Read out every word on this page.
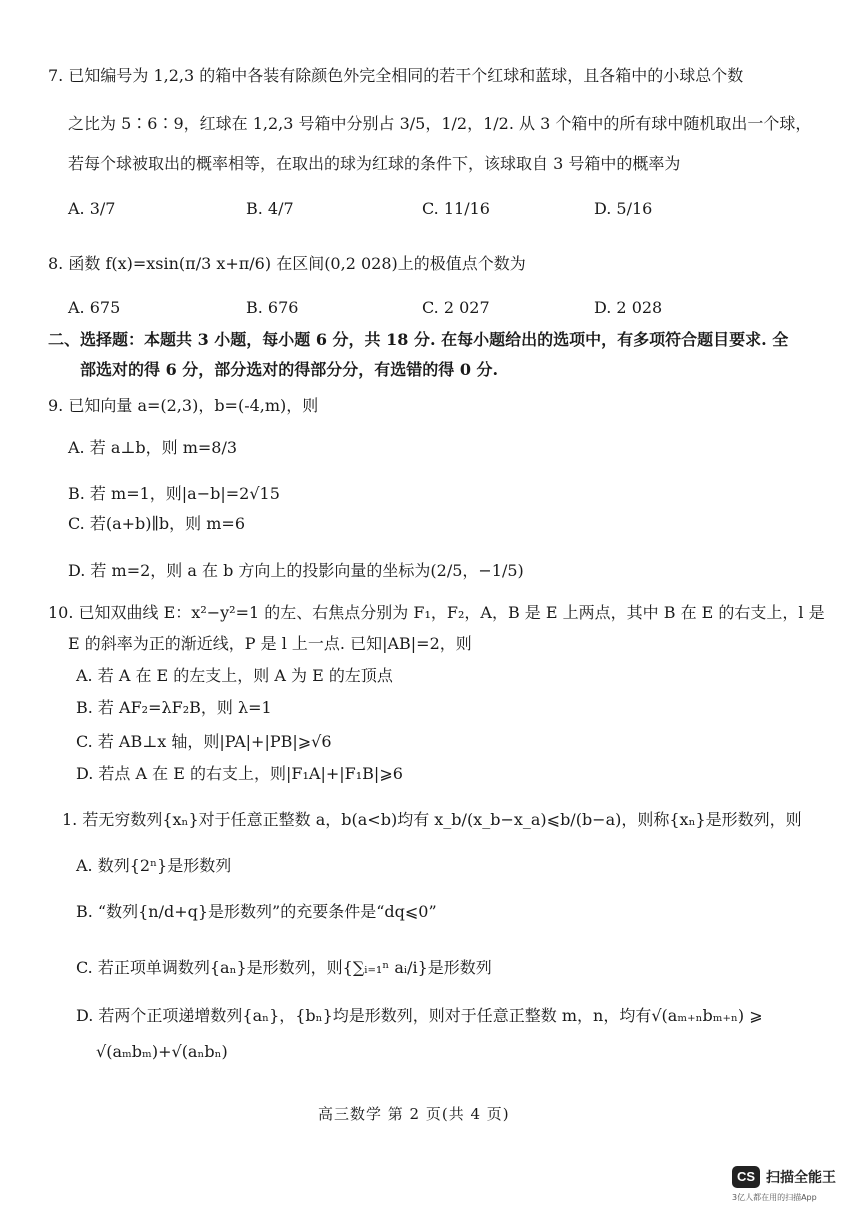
7. 已知编号为 1,2,3 的箱中各装有除颜色外完全相同的若干个红球和蓝球，且各箱中的小球总个数
之比为 5∶6∶9，红球在 1,2,3 号箱中分别占 3/5，1/2，1/2. 从 3 个箱中的所有球中随机取出一个球，
若每个球被取出的概率相等，在取出的球为红球的条件下，该球取自 3 号箱中的概率为
A. 3/7	B. 4/7	C. 11/16	D. 5/16
8. 函数 f(x)=xsin(π/3 x+π/6) 在区间(0,2 028)上的极值点个数为
A. 675	B. 676	C. 2 027	D. 2 028
二、选择题：本题共 3 小题，每小题 6 分，共 18 分. 在每小题给出的选项中，有多项符合题目要求. 全
部选对的得 6 分，部分选对的得部分分，有选错的得 0 分.
9. 已知向量 a=(2,3)，b=(-4,m)，则
A. 若 a⊥b，则 m=8/3
B. 若 m=1，则|a−b|=2√15
C. 若(a+b)∥b，则 m=6
D. 若 m=2，则 a 在 b 方向上的投影向量的坐标为(2/5，−1/5)
10. 已知双曲线 E：x²−y²=1 的左、右焦点分别为 F₁，F₂，A，B 是 E 上两点，其中 B 在 E 的右支上，l 是
E 的斜率为正的渐近线，P 是 l 上一点. 已知|AB|=2，则
A. 若 A 在 E 的左支上，则 A 为 E 的左顶点
B. 若 AF₂=λF₂B，则 λ=1
C. 若 AB⊥x 轴，则|PA|+|PB|⩾√6
D. 若点 A 在 E 的右支上，则|F₁A|+|F₁B|⩾6
1. 若无穷数列{xₙ}对于任意正整数 a，b(a<b)均有 x_b/(x_b−x_a)⩽b/(b−a)，则称{xₙ}是形数列，则
A. 数列{2ⁿ}是形数列
B. “数列{n/d+q}是形数列”的充要条件是“dq⩽0”
C. 若正项单调数列{aₙ}是形数列，则{∑ᵢ₌₁ⁿ aᵢ/i}是形数列
D. 若两个正项递增数列{aₙ}，{bₙ}均是形数列，则对于任意正整数 m，n，均有√(aₘ₊ₙbₘ₊ₙ) ⩾
√(aₘbₘ)+√(aₙbₙ)
高三数学 第 2 页(共 4 页)
CS 扫描全能王
3亿人都在用的扫描App
